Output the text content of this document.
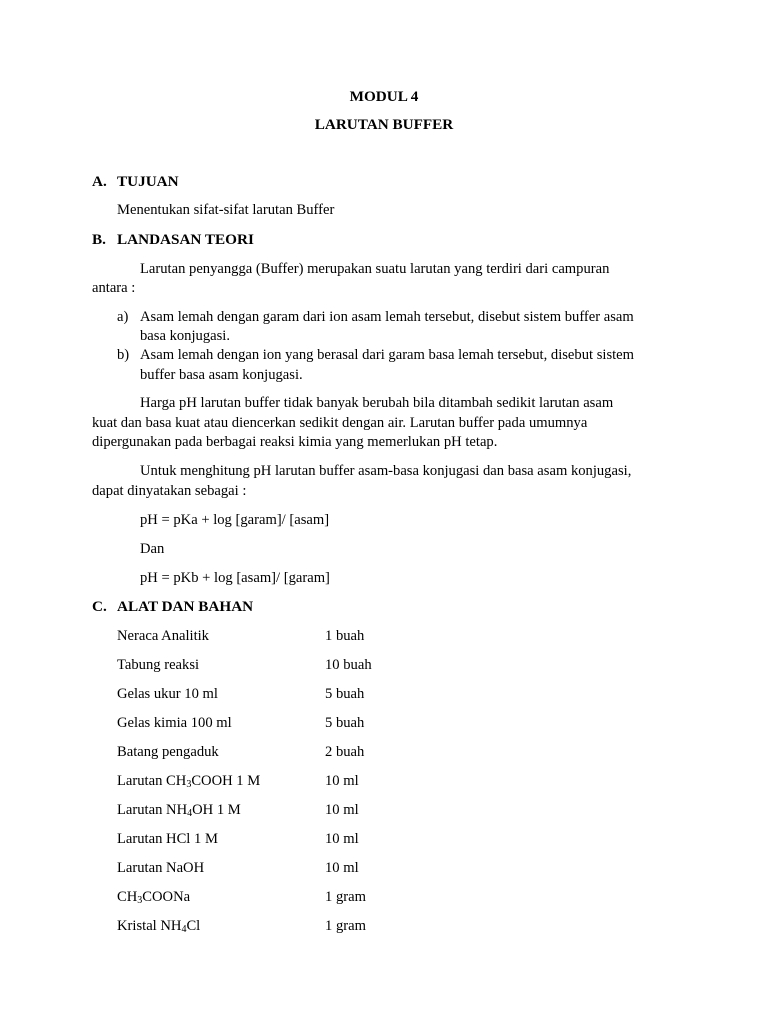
MODUL 4
LARUTAN BUFFER
A. TUJUAN
Menentukan sifat-sifat larutan Buffer
B. LANDASAN TEORI
Larutan penyangga (Buffer) merupakan suatu larutan yang terdiri dari campuran
antara :
a) Asam lemah dengan garam dari ion asam lemah tersebut, disebut sistem buffer asam
basa konjugasi.
b) Asam lemah dengan ion yang berasal dari garam basa lemah tersebut, disebut sistem
buffer basa asam konjugasi.
Harga pH larutan buffer tidak banyak berubah bila ditambah sedikit larutan asam
kuat dan basa kuat atau diencerkan sedikit dengan air. Larutan buffer pada umumnya
dipergunakan pada berbagai reaksi kimia yang memerlukan pH tetap.
Untuk menghitung pH larutan buffer asam-basa konjugasi dan basa asam konjugasi,
dapat dinyatakan sebagai :
pH = pKa + log [garam]/ [asam]
Dan
pH = pKb + log [asam]/ [garam]
C. ALAT DAN BAHAN
Neraca Analitik	1 buah
Tabung reaksi	10 buah
Gelas ukur 10 ml	5 buah
Gelas kimia 100 ml	5 buah
Batang pengaduk	2 buah
Larutan $CH_3COOH$ 1 M	10 ml
Larutan $NH_4OH$ 1 M	10 ml
Larutan HCl 1 M	10 ml
Larutan NaOH	10 ml
$CH_3COONa$	1 gram
Kristal $NH_4Cl$	1 gram
